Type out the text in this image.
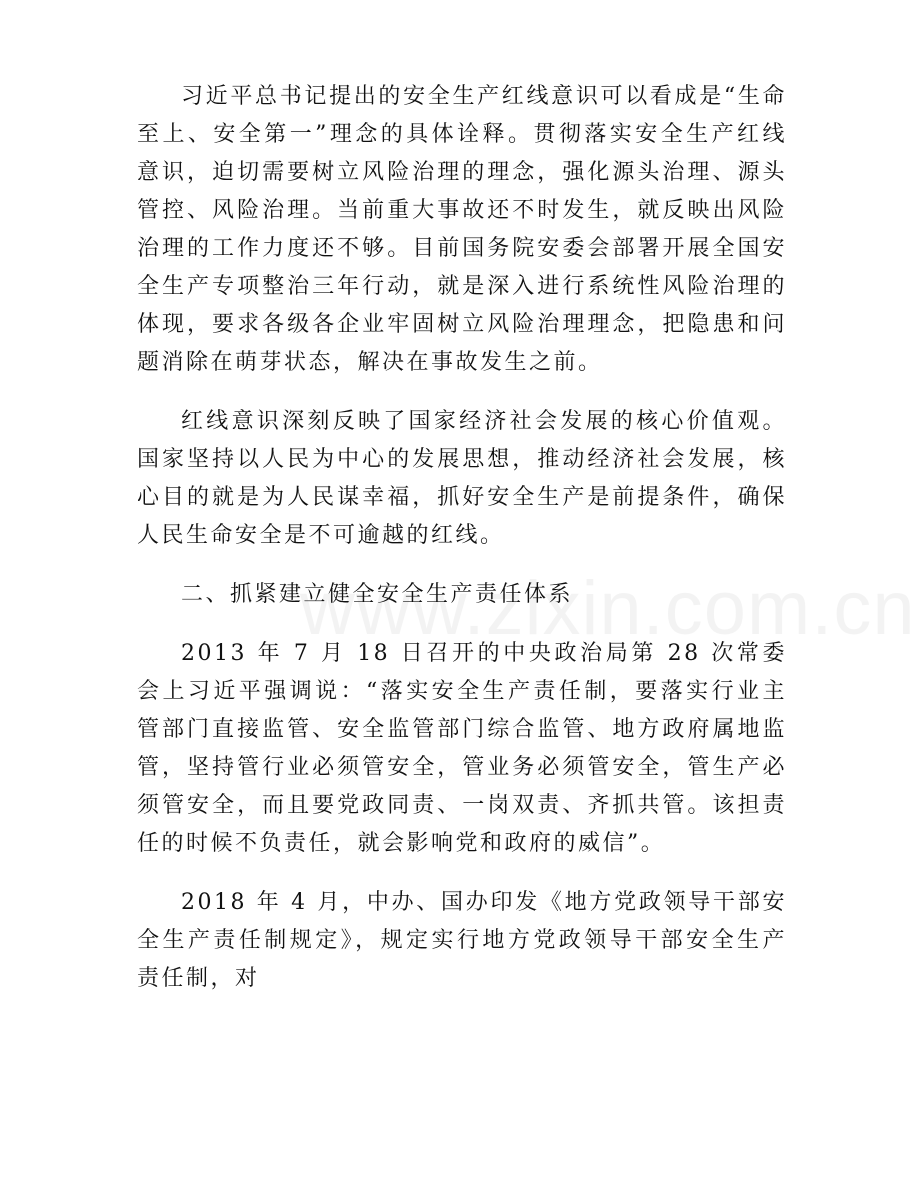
习近平总书记提出的安全生产红线意识可以看成是“生命至上、安全第一”理念的具体诠释。贯彻落实安全生产红线意识，迫切需要树立风险治理的理念，强化源头治理、源头管控、风险治理。当前重大事故还不时发生，就反映出风险治理的工作力度还不够。目前国务院安委会部署开展全国安全生产专项整治三年行动，就是深入进行系统性风险治理的体现，要求各级各企业牢固树立风险治理理念，把隐患和问题消除在萌芽状态，解决在事故发生之前。

红线意识深刻反映了国家经济社会发展的核心价值观。国家坚持以人民为中心的发展思想，推动经济社会发展，核心目的就是为人民谋幸福，抓好安全生产是前提条件，确保人民生命安全是不可逾越的红线。

二、抓紧建立健全安全生产责任体系

2013 年 7 月 18 日召开的中央政治局第 28 次常委会上习近平强调说：“落实安全生产责任制，要落实行业主管部门直接监管、安全监管部门综合监管、地方政府属地监管，坚持管行业必须管安全，管业务必须管安全，管生产必须管安全，而且要党政同责、一岗双责、齐抓共管。该担责任的时候不负责任，就会影响党和政府的威信”。

2018 年 4 月，中办、国办印发《地方党政领导干部安全生产责任制规定》，规定实行地方党政领导干部安全生产责任制，对
